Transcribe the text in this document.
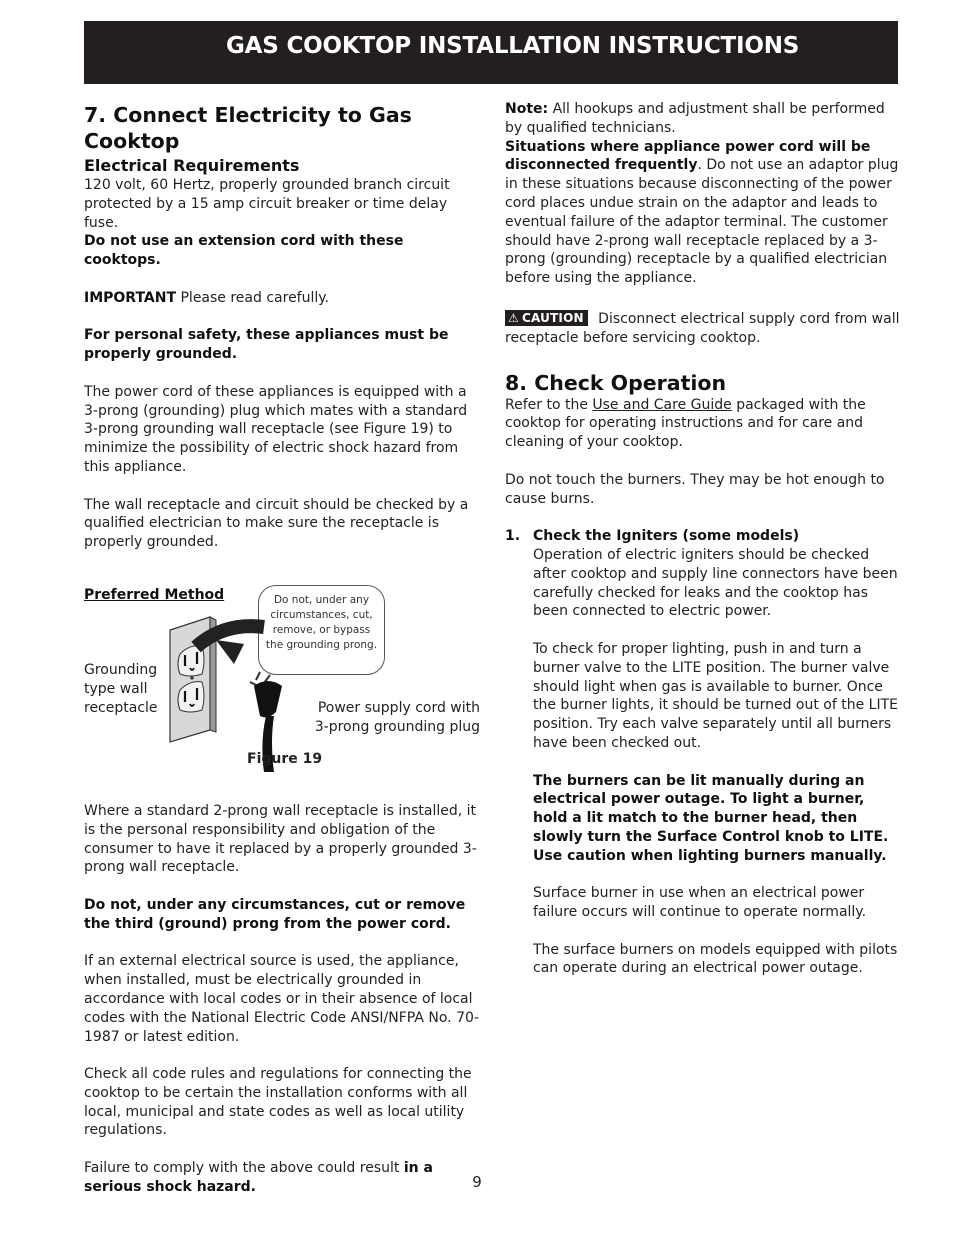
GAS COOKTOP INSTALLATION INSTRUCTIONS
7. Connect Electricity to Gas Cooktop
Electrical Requirements

120 volt, 60 Hertz, properly grounded branch circuit protected by a 15 amp circuit breaker or time delay fuse.
Do not use an extension cord with these cooktops.

IMPORTANT Please read carefully.

For personal safety, these appliances must be properly grounded.

The power cord of these appliances is equipped with a 3-prong (grounding) plug which mates with a standard 3-prong grounding wall receptacle (see Figure 19) to minimize the possibility of electric shock hazard from this appliance.

The wall receptacle and circuit should be checked by a qualified electrician to make sure the receptacle is properly grounded.

Preferred Method	Do not, under any circumstances, cut, remove, or bypass the grounding prong.
Grounding type wall receptacle	Power supply cord with 3-prong grounding plug
Figure 19

Where a standard 2-prong wall receptacle is installed, it is the personal responsibility and obligation of the consumer to have it replaced by a properly grounded 3-prong wall receptacle.

Do not, under any circumstances, cut or remove the third (ground) prong from the power cord.

If an external electrical source is used, the appliance, when installed, must be electrically grounded in accordance with local codes or in their absence of local codes with the National Electric Code ANSI/NFPA No. 70-1987 or latest edition.

Check all code rules and regulations for connecting the cooktop to be certain the installation conforms with all local, municipal and state codes as well as local utility regulations.

Failure to comply with the above could result in a serious shock hazard.

Note: All hookups and adjustment shall be performed by qualified technicians.

Situations where appliance power cord will be disconnected frequently. Do not use an adaptor plug in these situations because disconnecting of the power cord places undue strain on the adaptor and leads to eventual failure of the adaptor terminal. The customer should have 2-prong wall receptacle replaced by a 3-prong (grounding) receptacle by a qualified electrician before using the appliance.

⚠ CAUTION Disconnect electrical supply cord from wall receptacle before servicing cooktop.

8. Check Operation

Refer to the Use and Care Guide packaged with the cooktop for operating instructions and for care and cleaning of your cooktop.

Do not touch the burners. They may be hot enough to cause burns.

1. Check the Igniters (some models)

Operation of electric igniters should be checked after cooktop and supply line connectors have been carefully checked for leaks and the cooktop has been connected to electric power.

To check for proper lighting, push in and turn a burner valve to the LITE position. The burner valve should light when gas is available to burner. Once the burner lights, it should be turned out of the LITE position. Try each valve separately until all burners have been checked out.

The burners can be lit manually during an electrical power outage. To light a burner, hold a lit match to the burner head, then slowly turn the Surface Control knob to LITE. Use caution when lighting burners manually.

Surface burner in use when an electrical power failure occurs will continue to operate normally.

The surface burners on models equipped with pilots can operate during an electrical power outage.

9
